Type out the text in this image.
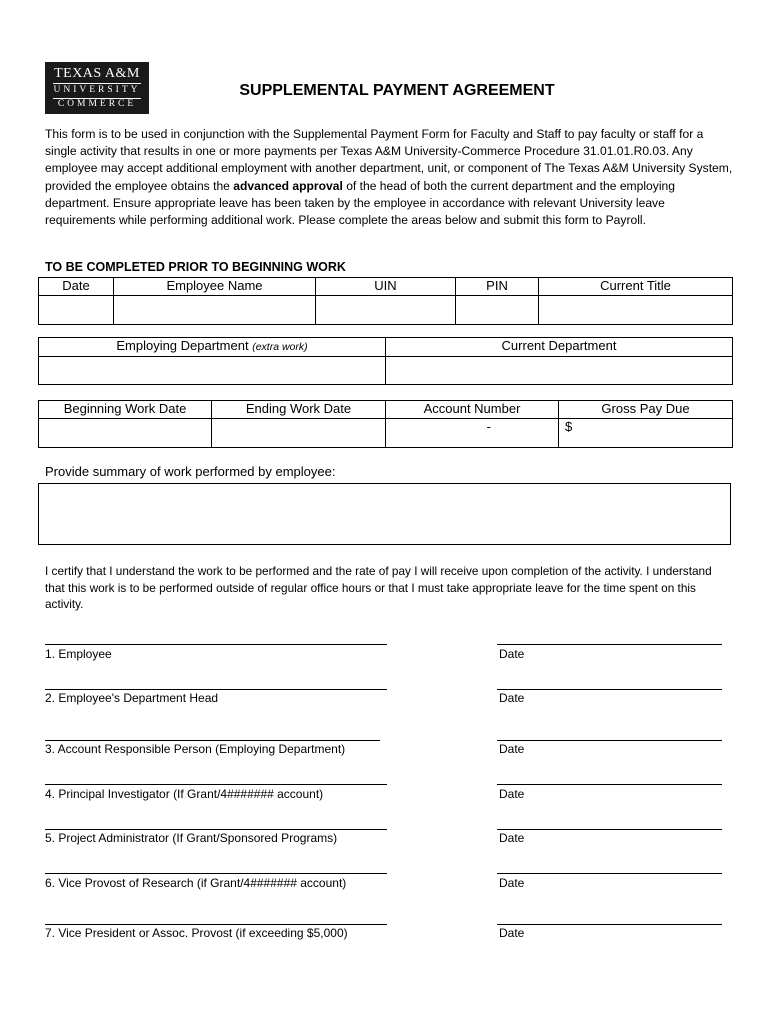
TEXAS A&M
UNIVERSITY
COMMERCE
SUPPLEMENTAL PAYMENT AGREEMENT
This form is to be used in conjunction with the Supplemental Payment Form for Faculty and Staff to pay faculty or staff for a single activity that results in one or more payments per Texas A&M University-Commerce Procedure 31.01.01.R0.03. Any employee may accept additional employment with another department, unit, or component of The Texas A&M University System, provided the employee obtains the advanced approval of the head of both the current department and the employing department. Ensure appropriate leave has been taken by the employee in accordance with relevant University leave requirements while performing additional work. Please complete the areas below and submit this form to Payroll.
TO BE COMPLETED PRIOR TO BEGINNING WORK
Date	Employee Name	UIN	PIN	Current Title

Employing Department (extra work)	Current Department

Beginning Work Date	Ending Work Date	Account Number	Gross Pay Due
		-	$
Provide summary of work performed by employee:
I certify that I understand the work to be performed and the rate of pay I will receive upon completion of the activity. I understand that this work is to be performed outside of regular office hours or that I must take appropriate leave for the time spent on this activity.
1. Employee	Date
2. Employee's Department Head	Date
3. Account Responsible Person (Employing Department)	Date
4. Principal Investigator (If Grant/4####### account)	Date
5. Project Administrator (If Grant/Sponsored Programs)	Date
6. Vice Provost of Research (if Grant/4####### account)	Date
7. Vice President or Assoc. Provost (if exceeding $5,000)	Date
